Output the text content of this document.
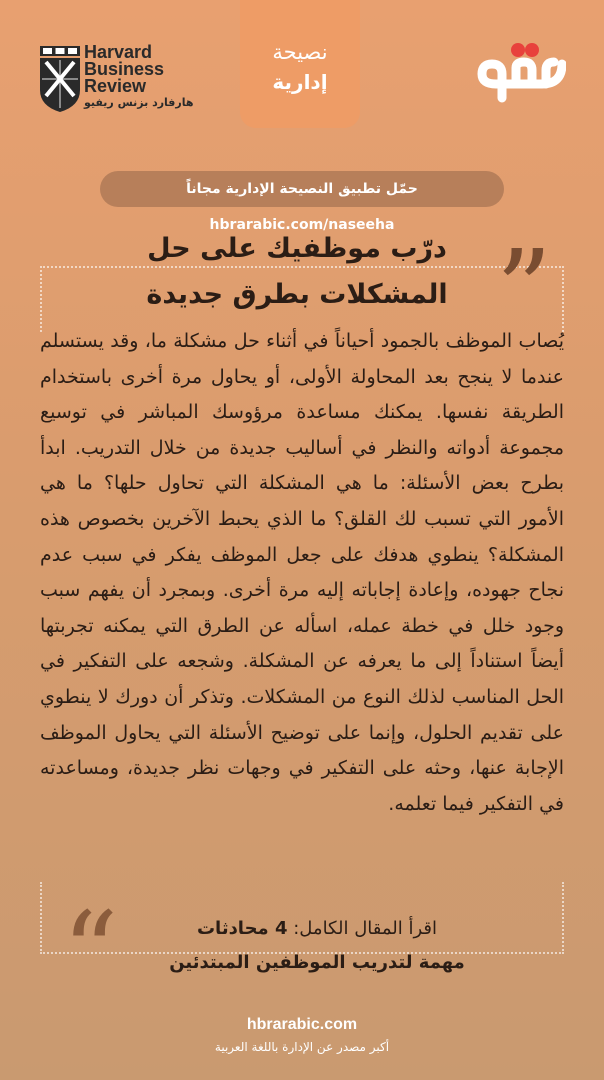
Harvard
Business
Review
هارفارد بزنس ريفيو
نصيحة
إدارية
حمّل تطبيق النصيحة الإدارية مجاناً hbrarabic.com/naseeha
”
“
درّب موظفيك على حل
المشكلات بطرق جديدة
يُصاب الموظف بالجمود أحياناً في أثناء حل مشكلة ما، وقد يستسلم عندما لا ينجح بعد المحاولة الأولى، أو يحاول مرة أخرى باستخدام الطريقة نفسها. يمكنك مساعدة مرؤوسك المباشر في توسيع مجموعة أدواته والنظر في أساليب جديدة من خلال التدريب. ابدأ بطرح بعض الأسئلة: ما هي المشكلة التي تحاول حلها؟ ما هي الأمور التي تسبب لك القلق؟ ما الذي يحبط الآخرين بخصوص هذه المشكلة؟ ينطوي هدفك على جعل الموظف يفكر في سبب عدم نجاح جهوده، وإعادة إجاباته إليه مرة أخرى. وبمجرد أن يفهم سبب وجود خلل في خطة عمله، اسأله عن الطرق التي يمكنه تجربتها أيضاً استناداً إلى ما يعرفه عن المشكلة. وشجعه على التفكير في الحل المناسب لذلك النوع من المشكلات. وتذكر أن دورك لا ينطوي على تقديم الحلول، وإنما على توضيح الأسئلة التي يحاول الموظف الإجابة عنها، وحثه على التفكير في وجهات نظر جديدة، ومساعدته في التفكير فيما تعلمه.
اقرأ المقال الكامل: 4 محادثات
مهمة لتدريب الموظفين المبتدئين
hbrarabic.com
أكبر مصدر عن الإدارة باللغة العربية
